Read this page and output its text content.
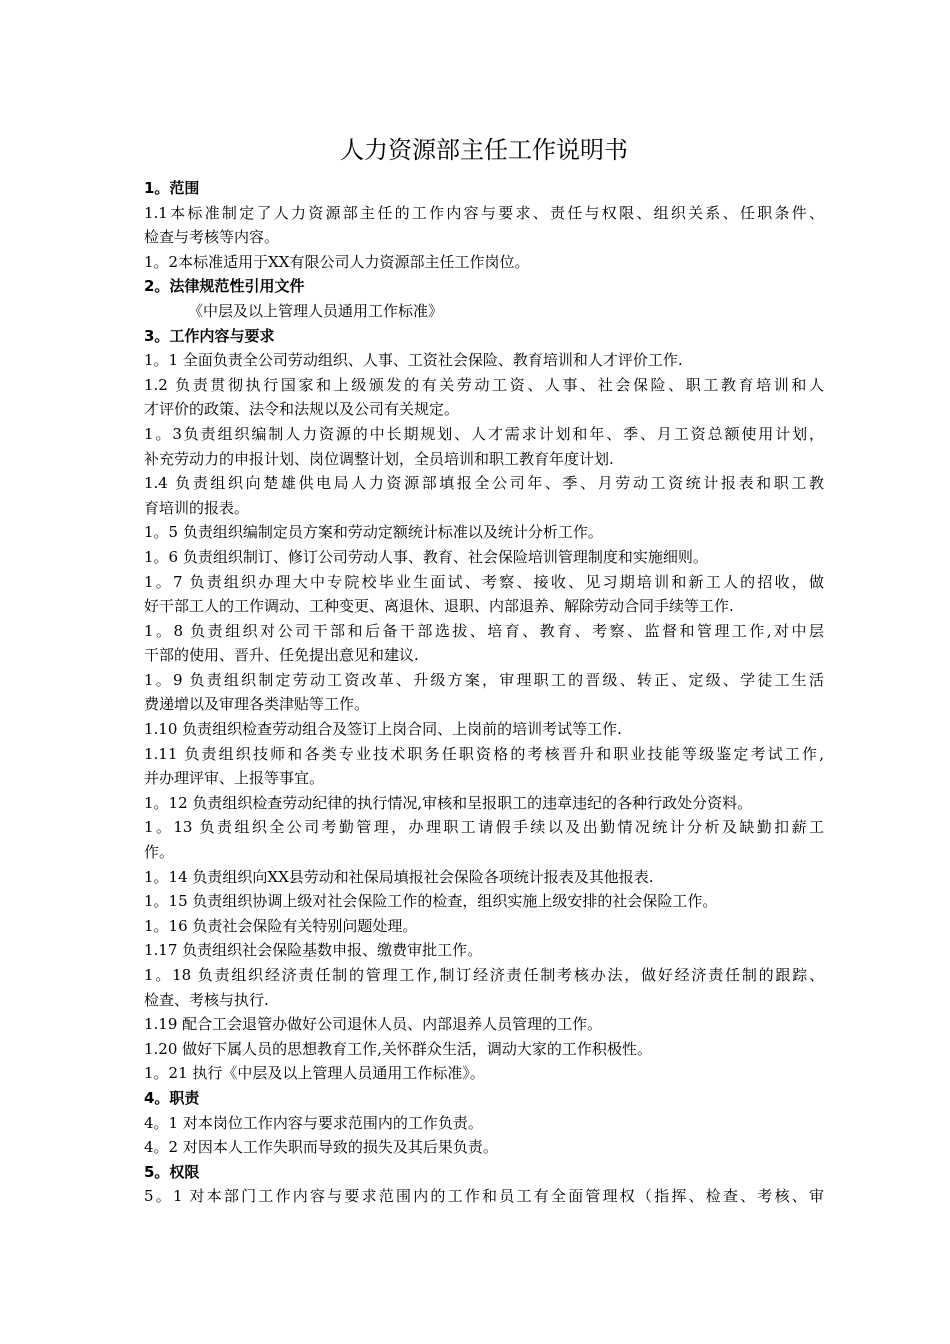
人力资源部主任工作说明书
1。范围
1.1本标准制定了人力资源部主任的工作内容与要求、责任与权限、组织关系、任职条件、
检查与考核等内容。
1。2本标准适用于XX有限公司人力资源部主任工作岗位。
2。法律规范性引用文件
《中层及以上管理人员通用工作标准》
3。工作内容与要求
1。1 全面负责全公司劳动组织、人事、工资社会保险、教育培训和人才评价工作.
1.2 负责贯彻执行国家和上级颁发的有关劳动工资、人事、社会保险、职工教育培训和人
才评价的政策、法令和法规以及公司有关规定。
1。3负责组织编制人力资源的中长期规划、人才需求计划和年、季、月工资总额使用计划，
补充劳动力的申报计划、岗位调整计划，全员培训和职工教育年度计划.
1.4 负责组织向楚雄供电局人力资源部填报全公司年、季、月劳动工资统计报表和职工教
育培训的报表。
1。5 负责组织编制定员方案和劳动定额统计标准以及统计分析工作。
1。6 负责组织制订、修订公司劳动人事、教育、社会保险培训管理制度和实施细则。
1。7 负责组织办理大中专院校毕业生面试、考察、接收、见习期培训和新工人的招收，做
好干部工人的工作调动、工种变更、离退休、退职、内部退养、解除劳动合同手续等工作.
1。8 负责组织对公司干部和后备干部选拔、培育、教育、考察、监督和管理工作,对中层
干部的使用、晋升、任免提出意见和建议.
1。9 负责组织制定劳动工资改革、升级方案，审理职工的晋级、转正、定级、学徒工生活
费递增以及审理各类津贴等工作。
1.10 负责组织检查劳动组合及签订上岗合同、上岗前的培训考试等工作.
1.11 负责组织技师和各类专业技术职务任职资格的考核晋升和职业技能等级鉴定考试工作,
并办理评审、上报等事宜。
1。12 负责组织检查劳动纪律的执行情况,审核和呈报职工的违章违纪的各种行政处分资料。
1。13 负责组织全公司考勤管理，办理职工请假手续以及出勤情况统计分析及缺勤扣薪工
作。
1。14 负责组织向XX县劳动和社保局填报社会保险各项统计报表及其他报表.
1。15 负责组织协调上级对社会保险工作的检查，组织实施上级安排的社会保险工作。
1。16 负责社会保险有关特别问题处理。
1.17 负责组织社会保险基数申报、缴费审批工作。
1。18 负责组织经济责任制的管理工作,制订经济责任制考核办法，做好经济责任制的跟踪、
检查、考核与执行.
1.19 配合工会退管办做好公司退休人员、内部退养人员管理的工作。
1.20 做好下属人员的思想教育工作,关怀群众生活，调动大家的工作积极性。
1。21 执行《中层及以上管理人员通用工作标准》。
4。职责
4。1 对本岗位工作内容与要求范围内的工作负责。
4。2 对因本人工作失职而导致的损失及其后果负责。
5。权限
5。1 对本部门工作内容与要求范围内的工作和员工有全面管理权（指挥、检查、考核、审
